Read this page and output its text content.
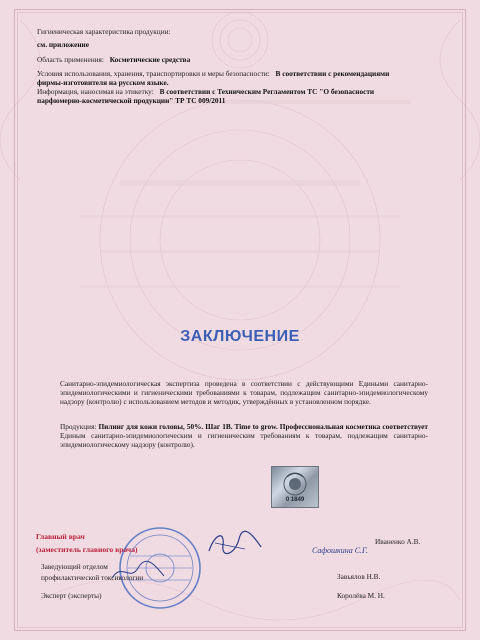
Гигиеническая характеристика продукции:
см. приложение
Область применения: Косметические средства
Условия использования, хранения, транспортировки и меры безопасности: В соответствии с рекомендациями
фирмы-изготовителя на русском языке.
Информация, наносимая на этикетку: В соответствии с Техническим Регламентом ТС "О безопасности
парфюмерно-косметической продукции" ТР ТС 009/2011
ЗАКЛЮЧЕНИЕ
Санитарно-эпидемиологическая экспертиза проведена в соответствии с действующими Едиными санитарно-эпидемиологическими и гигиеническими требованиями к товарам, подлежащим санитарно-эпидемиологическому надзору (контролю) с использованием методов и методик, утверждённых в установленном порядке.
Продукция: Пилинг для кожи головы, 50%. Шаг 1B. Time to grow. Профессиональная косметика соответствует Единым санитарно-эпидемиологическим и гигиеническим требованиям к товарам, подлежащим санитарно-эпидемиологическому надзору (контролю).
0 1849
Главный врач
(заместитель главного врача)
Иваненко А.В.
Сафошкина С.Г.
Заведующий отделом
профилактической токсикологии	Завьялов Н.В.
Эксперт (эксперты)	Королёва М. Н.
